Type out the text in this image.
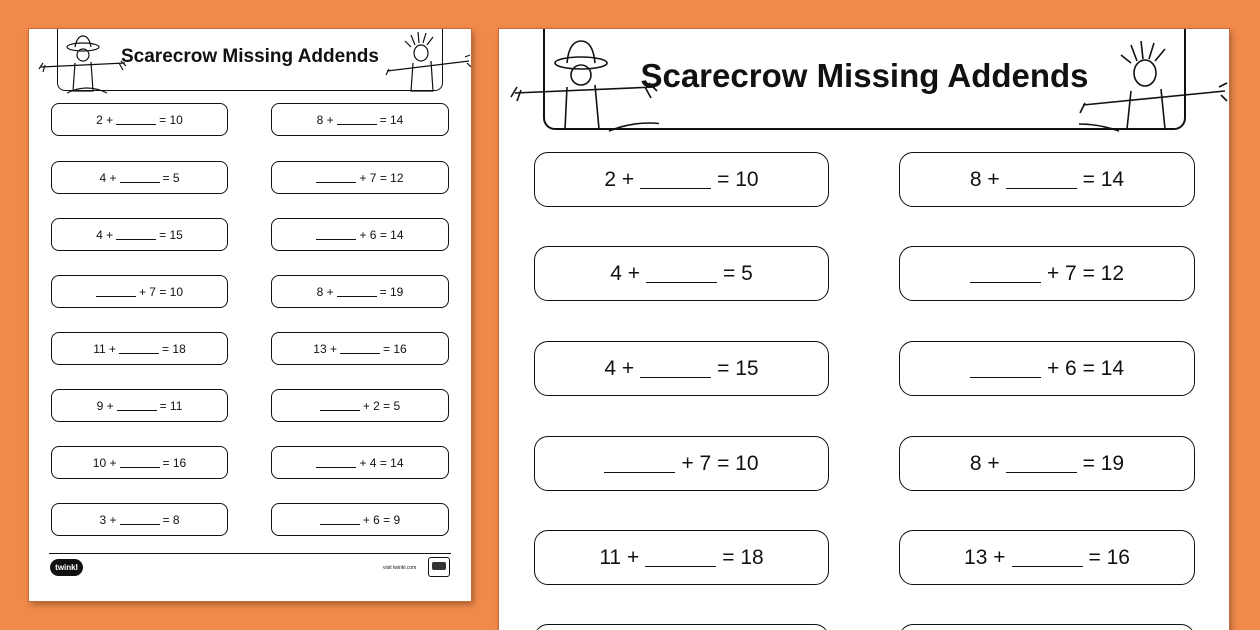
Scarecrow Missing Addends
2 +	= 10	8 +	= 14
4 +	= 5	+ 7 = 12
4 +	= 15	+ 6 = 14
+ 7 = 10	8 +	= 19
11 +	= 18	13 +	= 16
9 +	= 11	+ 2 = 5
10 +	= 16	+ 4 = 14
3 +	= 8	+ 6 = 9
twinkl	visit twinkl.com
Scarecrow Missing Addends
2 +	= 10	8 +	= 14
4 +	= 5	+ 7 = 12
4 +	= 15	+ 6 = 14
+ 7 = 10	8 +	= 19
11 +	= 18	13 +	= 16
